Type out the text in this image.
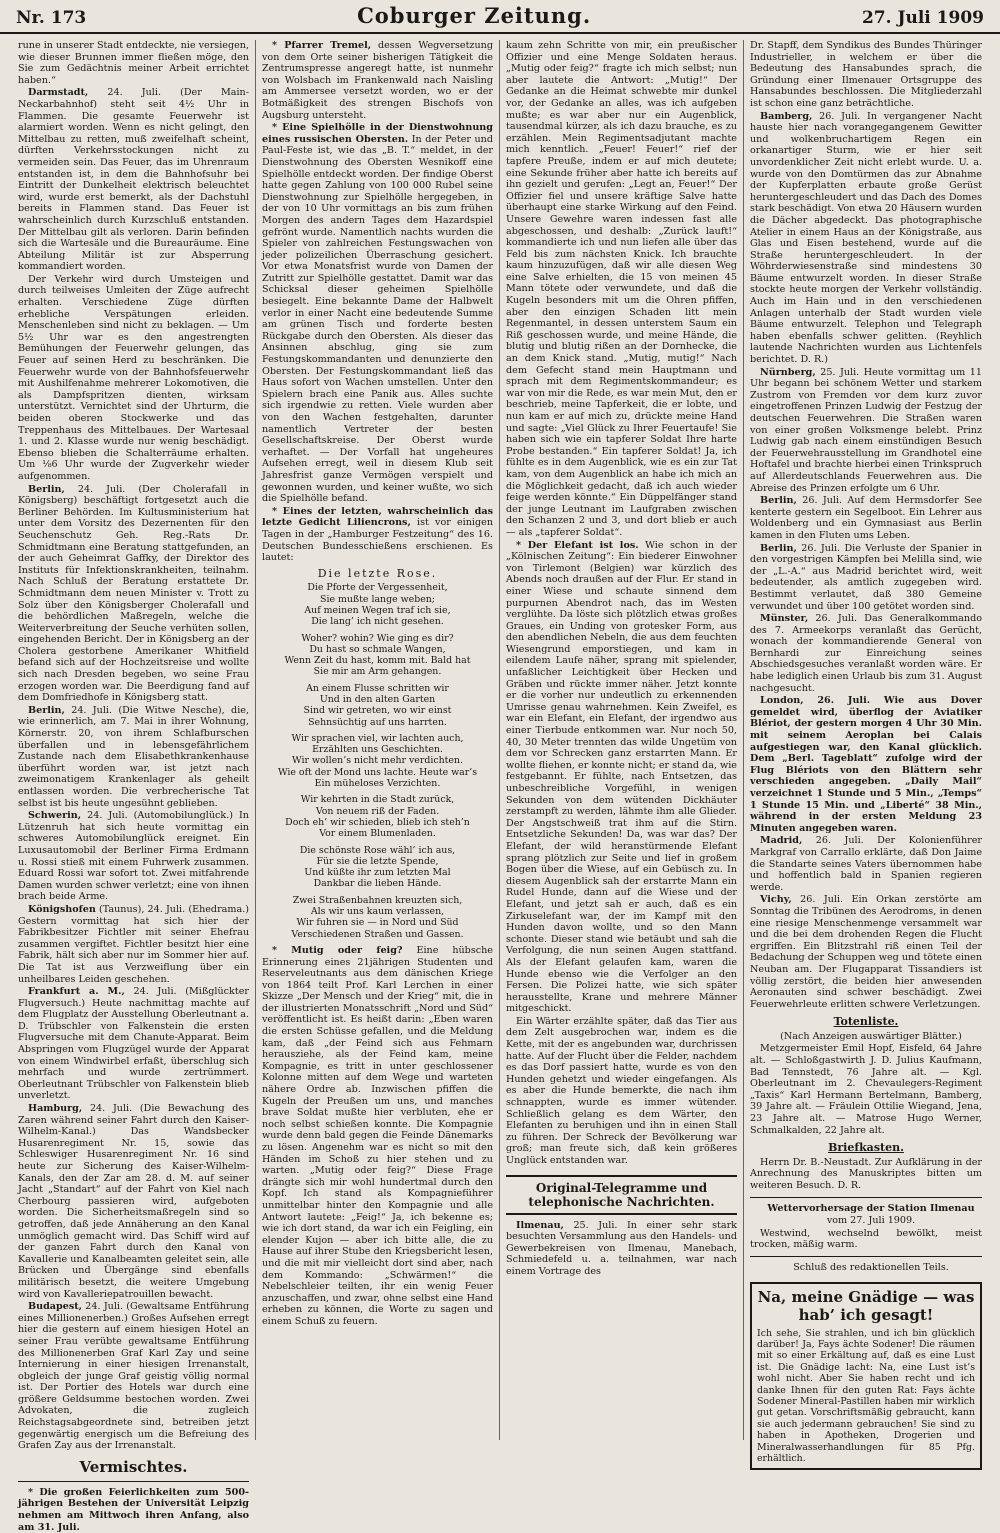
Nr. 173	Coburger Zeitung.	27. Juli 1909

rune in unserer Stadt entdeckte, nie versiegen, wie dieser Brunnen immer fließen möge, den Sie zum Gedächtnis meiner Arbeit errichtet haben.“

Darmstadt, 24. Juli. (Der Main-Neckarbahnhof) steht seit 4½ Uhr in Flammen. Die gesamte Feuerwehr ist alarmiert worden. Wenn es nicht gelingt, den Mittelbau zu retten, muß zweifelhaft scheint, dürften Verkehrsstockungen nicht zu vermeiden sein. Das Feuer, das im Uhrenraum entstanden ist, in dem die Bahnhofsuhr bei Eintritt der Dunkelheit elektrisch beleuchtet wird, wurde erst bemerkt, als der Dachstuhl bereits in Flammen stand. Das Feuer ist wahrscheinlich durch Kurzschluß entstanden. Der Mittelbau gilt als verloren. Darin befinden sich die Wartesäle und die Bureauräume. Eine Abteilung Militär ist zur Absperrung kommandiert worden.

Der Verkehr wird durch Umsteigen und durch teilweises Umleiten der Züge aufrecht erhalten. Verschiedene Züge dürften erhebliche Verspätungen erleiden. Menschenleben sind nicht zu beklagen. — Um 5½ Uhr war es den angestrengten Bemühungen der Feuerwehr gelungen, das Feuer auf seinen Herd zu beschränken. Die Feuerwehr wurde von der Bahnhofsfeuerwehr mit Aushilfenahme mehrerer Lokomotiven, die als Dampfspritzen dienten, wirksam unterstützt. Vernichtet sind der Uhrturm, die beiden oberen Stockwerke und das Treppenhaus des Mittelbaues. Der Wartesaal 1. und 2. Klasse wurde nur wenig beschädigt. Ebenso blieben die Schalterräume erhalten. Um ⅛6 Uhr wurde der Zugverkehr wieder aufgenommen.

Berlin, 24. Juli. (Der Cholerafall in Königsberg) beschäftigt fortgesetzt auch die Berliner Behörden. Im Kultusministerium hat unter dem Vorsitz des Dezernenten für den Seuchenschutz Geh. Reg.-Rats Dr. Schmidtmann eine Beratung stattgefunden, an der auch Geheimrat Gaffky, der Direktor des Instituts für Infektionskrankheiten, teilnahm. Nach Schluß der Beratung erstattete Dr. Schmidtmann dem neuen Minister v. Trott zu Solz über den Königsberger Cholerafall und die behördlichen Maßregeln, welche die Weiterverbreitung der Seuche verhüten sollen, eingehenden Bericht. Der in Königsberg an der Cholera gestorbene Amerikaner Whitfield befand sich auf der Hochzeitsreise und wollte sich nach Dresden begeben, wo seine Frau erzogen worden war. Die Beerdigung fand auf dem Domfriedhofe in Königsberg statt.

Berlin, 24. Juli. (Die Witwe Nesche), die, wie erinnerlich, am 7. Mai in ihrer Wohnung, Körnerstr. 20, von ihrem Schlafburschen überfallen und in lebensgefährlichem Zustande nach dem Elisabethkrankenhause überführt worden war, ist jetzt nach zweimonatigem Krankenlager als geheilt entlassen worden. Die verbrecherische Tat selbst ist bis heute ungesühnt geblieben.

Schwerin, 24. Juli. (Automobilunglück.) In Lützenruh hat sich heute vormittag ein schweres Automobilunglück ereignet. Ein Luxusautomobil der Berliner Firma Erdmann u. Rossi stieß mit einem Fuhrwerk zusammen. Eduard Rossi war sofort tot. Zwei mitfahrende Damen wurden schwer verletzt; eine von ihnen brach beide Arme.

Königshofen (Taunus), 24. Juli. (Ehedrama.) Gestern vormittag hat sich hier der Fabrikbesitzer Fichtler mit seiner Ehefrau zusammen vergiftet. Fichtler besitzt hier eine Fabrik, hält sich aber nur im Sommer hier auf. Die Tat ist aus Verzweiflung über ein unheilbares Leiden geschehen.

Frankfurt a. M., 24. Juli. (Mißglückter Flugversuch.) Heute nachmittag machte auf dem Flugplatz der Ausstellung Oberleutnant a. D. Trübschler von Falkenstein die ersten Flugversuche mit dem Chanute-Apparat. Beim Abspringen vom Flugzügel wurde der Apparat von einem Windwirbel erfaßt, überschlug sich mehrfach und wurde zertrümmert. Oberleutnant Trübschler von Falkenstein blieb unverletzt.

Hamburg, 24. Juli. (Die Bewachung des Zaren während seiner Fahrt durch den Kaiser-Wilhelm-Kanal.) Das Wandsbecker Husarenregiment Nr. 15, sowie das Schleswiger Husarenregiment Nr. 16 sind heute zur Sicherung des Kaiser-Wilhelm-Kanals, den der Zar am 28. d. M. auf seiner Jacht „Standart“ auf der Fahrt von Kiel nach Cherbourg passieren wird, aufgeboten worden. Die Sicherheitsmaßregeln sind so getroffen, daß jede Annäherung an den Kanal unmöglich gemacht wird. Das Schiff wird auf der ganzen Fahrt durch den Kanal von Kavallerie und Kanalbeamten geleitet sein, alle Brücken und Übergänge sind ebenfalls militärisch besetzt, die weitere Umgebung wird von Kavalleriepatrouillen bewacht.

Budapest, 24. Juli. (Gewaltsame Entführung eines Millionenerben.) Großes Aufsehen erregt hier die gestern auf einem hiesigen Hotel an seiner Frau verübte gewaltsame Entführung des Millionenerben Graf Karl Zay und seine Internierung in einer hiesigen Irrenanstalt, obgleich der junge Graf geistig völlig normal ist. Der Portier des Hotels war durch eine größere Geldsumme bestochen worden. Zwei Advokaten, die zugleich Reichstagsabgeordnete sind, betreiben jetzt gegenwärtig energisch um die Befreiung des Grafen Zay aus der Irrenanstalt.

Vermischtes.

* Die großen Feierlichkeiten zum 500-jährigen Bestehen der Universität Leipzig nehmen am Mittwoch ihren Anfang, also am 31. Juli.

* Pfarrer Tremel, dessen Wegversetzung von dem Orte seiner bisherigen Tätigkeit die Zentrumspresse angeregt hatte, ist nunmehr von Wolsbach im Frankenwald nach Naisling am Ammersee versetzt worden, wo er der Botmäßigkeit des strengen Bischofs von Augsburg untersteht.

* Eine Spielhölle in der Dienstwohnung eines russischen Obersten. In der Peter und Paul-Feste ist, wie das „B. T.“ meldet, in der Dienstwohnung des Obersten Wesnikoff eine Spielhölle entdeckt worden. Der findige Oberst hatte gegen Zahlung von 100 000 Rubel seine Dienstwohnung zur Spielhölle hergegeben, in der von 10 Uhr vormittags an bis zum frühen Morgen des andern Tages dem Hazardspiel gefrönt wurde. Namentlich nachts wurden die Spieler von zahlreichen Festungswachen von jeder polizeilichen Überraschung gesichert. Vor etwa Monatsfrist wurde von Damen der Zutritt zur Spielhölle gestattet. Damit war das Schicksal dieser geheimen Spielhölle besiegelt. Eine bekannte Dame der Halbwelt verlor in einer Nacht eine bedeutende Summe am grünen Tisch und forderte besten Rückgabe durch den Obersten. Als dieser das Ansinnen abschlug, ging sie zum Festungskommandanten und denunzierte den Obersten. Der Festungskommandant ließ das Haus sofort von Wachen umstellen. Unter den Spielern brach eine Panik aus. Alles suchte sich irgendwie zu retten. Viele wurden aber von den Wachen festgehalten, darunter namentlich Vertreter der besten Gesellschaftskreise. Der Oberst wurde verhaftet. — Der Vorfall hat ungeheures Aufsehen erregt, weil in diesem Klub seit Jahresfrist ganze Vermögen verspielt und gewonnen wurden, und keiner wußte, wo sich die Spielhölle befand.

* Eines der letzten, wahrscheinlich das letzte Gedicht Liliencrons, ist vor einigen Tagen in der „Hamburger Festzeitung“ des 16. Deutschen Bundesschießens erschienen. Es lautet:

Die letzte Rose.
Die Pforte der Vergessenheit,
Sie mußte lange weben;
Auf meinen Wegen traf ich sie,
Die lang’ ich nicht gesehen.
Woher? wohin? Wie ging es dir?
Du hast so schmale Wangen,
Wenn Zeit du hast, komm mit. Bald hat
Sie mir am Arm gehangen.
An einem Flusse schritten wir
Und in den alten Garten
Sind wir getreten, wo wir einst
Sehnsüchtig auf uns harrten.
Wir sprachen viel, wir lachten auch,
Erzählten uns Geschichten.
Wir wollen’s nicht mehr verdichten.
Wie oft der Mond uns lachte. Heute war’s
Ein müheloses Verzichten.
Wir kehrten in die Stadt zurück,
Von neuem riß der Faden.
Doch eh’ wir schieden, blieb ich steh’n
Vor einem Blumenladen.
Die schönste Rose wähl’ ich aus,
Für sie die letzte Spende,
Und küßte ihr zum letzten Mal
Dankbar die lieben Hände.
Zwei Straßenbahnen kreuzten sich,
Als wir uns kaum verlassen,
Wir fuhren sie — in Nord und Süd
Verschiedenen Straßen und Gassen.

* Mutig oder feig? Eine hübsche Erinnerung eines 21jährigen Studenten und Reserveleutnants aus dem dänischen Kriege von 1864 teilt Prof. Karl Lerchen in einer Skizze „Der Mensch und der Krieg“ mit, die in der illustrierten Monatsschrift „Nord und Süd“ veröffentlicht ist. Es heißt darin: „Eben waren die ersten Schüsse gefallen, und die Meldung kam, daß „der Feind sich aus Fehmarn herausziehe, als der Feind kam, meine Kompagnie, es tritt in unter geschlossener Kolonne mitten auf dem Wege und warteten nähere Ordre ab. Inzwischen pfiffen die Kugeln der Preußen um uns, und manches brave Soldat mußte hier verbluten, ehe er noch selbst schießen konnte. Die Kompagnie wurde denn bald gegen die Feinde Dänemarks zu lösen. Angenehm war es nicht so mit den Händen im Schoß zu hier stehen und zu warten. „Mutig oder feig?“ Diese Frage drängte sich mir wohl hundertmal durch den Kopf. Ich stand als Kompagnieführer unmittelbar hinter den Kompagnie und alle Antwort lautete: „Feig!“ Ja, ich bekenne es; wie ich dort stand, da war ich ein Feigling, ein elender Kujon — aber ich bitte alle, die zu Hause auf ihrer Stube den Kriegsbericht lesen, und die mit mir vielleicht dort sind aber, nach dem Kommando: „Schwärmen!“ die Nebelschleier teilten, ihr ein wenig Feuer anzuschaffen, und zwar, ohne selbst eine Hand erheben zu können, die Worte zu sagen und einem Schuß zu feuern.

kaum zehn Schritte von mir, ein preußischer Offizier und eine Menge Soldaten heraus. „Mutig oder feig?“ fragte ich mich selbst; nun aber lautete die Antwort: „Mutig!“ Der Gedanke an die Heimat schwebte mir dunkel vor, der Gedanke an alles, was ich aufgeben mußte; es war aber nur ein Augenblick, tausendmal kürzer, als ich dazu brauche, es zu erzählen. Mein Regimentsadjutant machte mich kenntlich. „Feuer! Feuer!“ rief der tapfere Preuße, indem er auf mich deutete; eine Sekunde früher aber hatte ich bereits auf ihn gezielt und gerufen: „Legt an, Feuer!“ Der Offizier fiel und unsere kräftige Salve hatte überhaupt eine starke Wirkung auf den Feind. Unsere Gewehre waren indessen fast alle abgeschossen, und deshalb: „Zurück lauft!“ kommandierte ich und nun liefen alle über das Feld bis zum nächsten Knick. Ich brauchte kaum hinzuzufügen, daß wir alle diesen Weg eine Salve erhielten, die 15 von meinen 45 Mann tötete oder verwundete, und daß die Kugeln besonders mit um die Ohren pfiffen, aber den einzigen Schaden litt mein Regenmantel, in dessen unterstem Saum ein Riß geschossen wurde, und meine Hände, die blutig und blutig rißen an der Dornhecke, die an dem Knick stand. „Mutig, mutig!“ Nach dem Gefecht stand mein Hauptmann und sprach mit dem Regimentskommandeur; es war von mir die Rede, es war mein Mut, den er beschrieb, meine Tapferkeit, die er lobte, und nun kam er auf mich zu, drückte meine Hand und sagte: „Viel Glück zu Ihrer Feuertaufe! Sie haben sich wie ein tapferer Soldat Ihre harte Probe bestanden.“ Ein tapferer Soldat! Ja, ich fühlte es in dem Augenblick, wie es ein zur Tat kam, von dem Augenblick an habe ich mich an die Möglichkeit gedacht, daß ich auch wieder feige werden könnte.“ Ein Düppelfänger stand der junge Leutnant im Laufgraben zwischen den Schanzen 2 und 3, und dort blieb er auch — als „tapferer Soldat“.

* Der Elefant ist los. Wie schon in der „Kölnischen Zeitung“: Ein biederer Einwohner von Tirlemont (Belgien) war kürzlich des Abends noch draußen auf der Flur. Er stand in einer Wiese und schaute sinnend dem purpurnen Abendrot nach, das im Westen verglühte. Da löste sich plötzlich etwas großes Graues, ein Unding von grotesker Form, aus den abendlichen Nebeln, die aus dem feuchten Wiesengrund emporstiegen, und kam in eilendem Laufe näher, sprang mit spielender, unfaßlicher Leichtigkeit über Hecken und Gräben und rückte immer näher. Jetzt konnte er die vorher nur undeutlich zu erkennenden Umrisse genau wahrnehmen. Kein Zweifel, es war ein Elefant, ein Elefant, der irgendwo aus einer Tierbude entkommen war. Nur noch 50, 40, 30 Meter trennten das wilde Ungetüm von dem vor Schrecken ganz erstarrten Mann. Er wollte fliehen, er konnte nicht; er stand da, wie festgebannt. Er fühlte, nach Entsetzen, das unbeschreibliche Vorgefühl, in wenigen Sekunden von dem wütenden Dickhäuter zerstampft zu werden, lähmte ihm alle Glieder. Der Angstschweiß trat ihm auf die Stirn. Entsetzliche Sekunden! Da, was war das? Der Elefant, der wild heranstürmende Elefant sprang plötzlich zur Seite und lief in großem Bogen über die Wiese, auf ein Gebüsch zu. In diesem Augenblick sah der erstarrte Mann ein Rudel Hunde, dann auf die Wiese und der Elefant, und jetzt sah er auch, daß es ein Zirkuselefant war, der im Kampf mit den Hunden davon wollte, und so den Mann schonte. Dieser stand wie betäubt und sah die Verfolgung, die nun seinen Augen stattfand. Als der Elefant gelaufen kam, waren die Hunde ebenso wie die Verfolger an den Fersen. Die Polizei hatte, wie sich später herausstellte, Krane und mehrere Männer mitgeschickt.

Ein Wärter erzählte später, daß das Tier aus dem Zelt ausgebrochen war, indem es die Kette, mit der es angebunden war, durchrissen hatte. Auf der Flucht über die Felder, nachdem es das Dorf passiert hatte, wurde es von den Hunden gehetzt und wieder eingefangen. Als es aber die Hunde bemerkte, die nach ihm schnappten, wurde es immer wütender. Schließlich gelang es dem Wärter, den Elefanten zu beruhigen und ihn in einen Stall zu führen. Der Schreck der Bevölkerung war groß; man freute sich, daß kein größeres Unglück entstanden war.

Original-Telegramme und telephonische Nachrichten.

Ilmenau, 25. Juli. In einer sehr stark besuchten Versammlung aus den Handels- und Gewerbekreisen von Ilmenau, Manebach, Schmiedefeld u. a. teilnahmen, war nach einem Vortrage des

Dr. Stapff, dem Syndikus des Bundes Thüringer Industrieller, in welchem er über die Bedeutung des Hansabundes sprach, die Gründung einer Ilmenauer Ortsgruppe des Hansabundes beschlossen. Die Mitgliederzahl ist schon eine ganz beträchtliche.

Bamberg, 26. Juli. In vergangener Nacht hauste hier nach vorangegangenem Gewitter und wolkenbruchartigem Regen ein orkanartiger Sturm, wie er hier seit unvordenklicher Zeit nicht erlebt wurde. U. a. wurde von den Domtürmen das zur Abnahme der Kupferplatten erbaute große Gerüst heruntergeschleudert und das Dach des Domes stark beschädigt. Von etwa 20 Häusern wurden die Dächer abgedeckt. Das photographische Atelier in einem Haus an der Königstraße, aus Glas und Eisen bestehend, wurde auf die Straße heruntergeschleudert. In der Wöhrderwiesenstraße sind mindestens 30 Bäume entwurzelt worden. In dieser Straße stockte heute morgen der Verkehr vollständig. Auch im Hain und in den verschiedenen Anlagen unterhalb der Stadt wurden viele Bäume entwurzelt. Telephon und Telegraph haben ebenfalls schwer gelitten. (Reyhlich lautende Nachrichten wurden aus Lichtenfels berichtet. D. R.)

Nürnberg, 25. Juli. Heute vormittag um 11 Uhr begann bei schönem Wetter und starkem Zustrom von Fremden vor dem kurz zuvor eingetroffenen Prinzen Ludwig der Festzug der deutschen Feuerwehren. Die Straßen waren von einer großen Volksmenge belebt. Prinz Ludwig gab nach einem einstündigen Besuch der Feuerwehrausstellung im Grandhotel eine Hoftafel und brachte hierbei einen Trinkspruch auf Allerdeutschlands Feuerwehren aus. Die Abreise des Prinzen erfolgte um 6 Uhr.

Berlin, 26. Juli. Auf dem Hermsdorfer See kenterte gestern ein Segelboot. Ein Lehrer aus Woldenberg und ein Gymnasiast aus Berlin kamen in den Fluten ums Leben.

Berlin, 26. Juli. Die Verluste der Spanier in den vorgestrigen Kämpfen bei Melilla sind, wie der „L.-A.“ aus Madrid berichtet wird, weit bedeutender, als amtlich zugegeben wird. Bestimmt verlautet, daß 380 Gemeine verwundet und über 100 getötet worden sind.

Münster, 26. Juli. Das Generalkommando des 7. Armeekorps veranlaßt das Gerücht, wonach der kommandierende General von Bernhardi zur Einreichung seines Abschiedsgesuches veranlaßt worden wäre. Er habe lediglich einen Urlaub bis zum 31. August nachgesucht.

London, 26. Juli. Wie aus Dover gemeldet wird, überflog der Aviatiker Blériot, der gestern morgen 4 Uhr 30 Min. mit seinem Aeroplan bei Calais aufgestiegen war, den Kanal glücklich. Dem „Berl. Tageblatt“ zufolge wird der Flug Blériots von den Blättern sehr verschieden angegeben. „Daily Mail“ verzeichnet 1 Stunde und 5 Min., „Temps“ 1 Stunde 15 Min. und „Liberté“ 38 Min., während in der ersten Meldung 23 Minuten angegeben waren.

Madrid, 26. Juli. Der Kolonienführer Markgraf von Carrallo erklärte, daß Don Jaime die Standarte seines Vaters übernommen habe und hoffentlich bald in Spanien regieren werde.

Vichy, 26. Juli. Ein Orkan zerstörte am Sonntag die Tribünen des Aerodroms, in denen eine riesige Menschenmenge versammelt war und die bei dem drohenden Regen die Flucht ergriffen. Ein Blitzstrahl riß einen Teil der Bedachung der Schuppen weg und tötete einen Neuban am. Der Flugapparat Tissandiers ist völlig zerstört, die beiden hier anwesenden Aeronauten sind schwer beschädigt. Zwei Feuerwehrleute erlitten schwere Verletzungen.

Totenliste.

(Nach Anzeigen auswärtiger Blätter.)

Metzgermeister Emil Hopf, Eisfeld, 64 Jahre alt. — Schloßgastwirth J. D. Julius Kaufmann, Bad Tennstedt, 76 Jahre alt. — Kgl. Oberleutnant im 2. Chevaulegers-Regiment „Taxis“ Karl Hermann Bertelmann, Bamberg, 39 Jahre alt. — Fräulein Ottilie Wiegand, Jena, 23 Jahre alt. — Matrose Hugo Werner, Schmalkalden, 22 Jahre alt.

Briefkasten.

Herrn Dr. B.-Neustadt. Zur Aufklärung in der Anrechnung des Manuskriptes bitten um weiteren Besuch. D. R.

Wettervorhersage der Station Ilmenau

vom 27. Juli 1909.

Westwind, wechselnd bewölkt, meist trocken, mäßig warm.

Schluß des redaktionellen Teils.

Na, meine Gnädige — was hab’ ich gesagt!
Ich sehe, Sie strahlen, und ich bin glücklich darüber! Ja, Fays ächte Sodener! Die räumen mit so einer Erkältung auf, daß es eine Lust ist. Die Gnädige lacht: Na, eine Lust ist’s wohl nicht. Aber Sie haben recht und ich danke Ihnen für den guten Rat: Fays ächte Sodener Mineral-Pastillen haben mir wirklich gut getan. Vorschriftsmäßig gebraucht, kann sie auch jedermann gebrauchen! Sie sind zu haben in Apotheken, Drogerien und Mineralwasserhandlungen für 85 Pfg. erhältlich.
